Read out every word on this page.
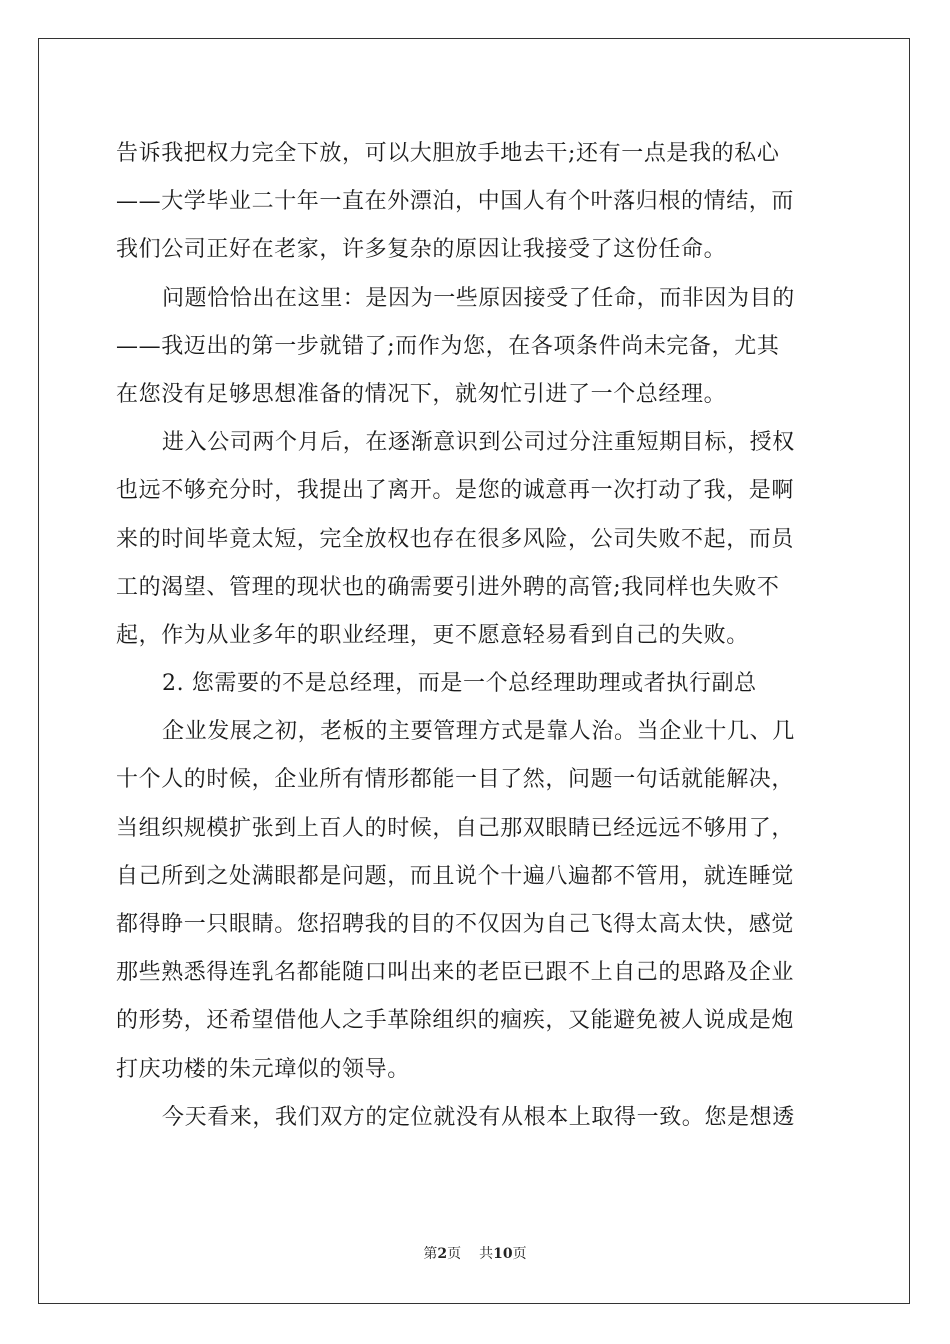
告诉我把权力完全下放，可以大胆放手地去干;还有一点是我的私心
——大学毕业二十年一直在外漂泊，中国人有个叶落归根的情结，而
我们公司正好在老家，许多复杂的原因让我接受了这份任命。
问题恰恰出在这里：是因为一些原因接受了任命，而非因为目的
——我迈出的第一步就错了;而作为您，在各项条件尚未完备，尤其
在您没有足够思想准备的情况下，就匆忙引进了一个总经理。
进入公司两个月后，在逐渐意识到公司过分注重短期目标，授权
也远不够充分时，我提出了离开。是您的诚意再一次打动了我，是啊
来的时间毕竟太短，完全放权也存在很多风险，公司失败不起，而员
工的渴望、管理的现状也的确需要引进外聘的高管;我同样也失败不
起，作为从业多年的职业经理，更不愿意轻易看到自己的失败。
2. 您需要的不是总经理，而是一个总经理助理或者执行副总
企业发展之初，老板的主要管理方式是靠人治。当企业十几、几
十个人的时候，企业所有情形都能一目了然，问题一句话就能解决，
当组织规模扩张到上百人的时候，自己那双眼睛已经远远不够用了，
自己所到之处满眼都是问题，而且说个十遍八遍都不管用，就连睡觉
都得睁一只眼睛。您招聘我的目的不仅因为自己飞得太高太快，感觉
那些熟悉得连乳名都能随口叫出来的老臣已跟不上自己的思路及企业
的形势，还希望借他人之手革除组织的痼疾，又能避免被人说成是炮
打庆功楼的朱元璋似的领导。
今天看来，我们双方的定位就没有从根本上取得一致。您是想透
第2页 共10页
